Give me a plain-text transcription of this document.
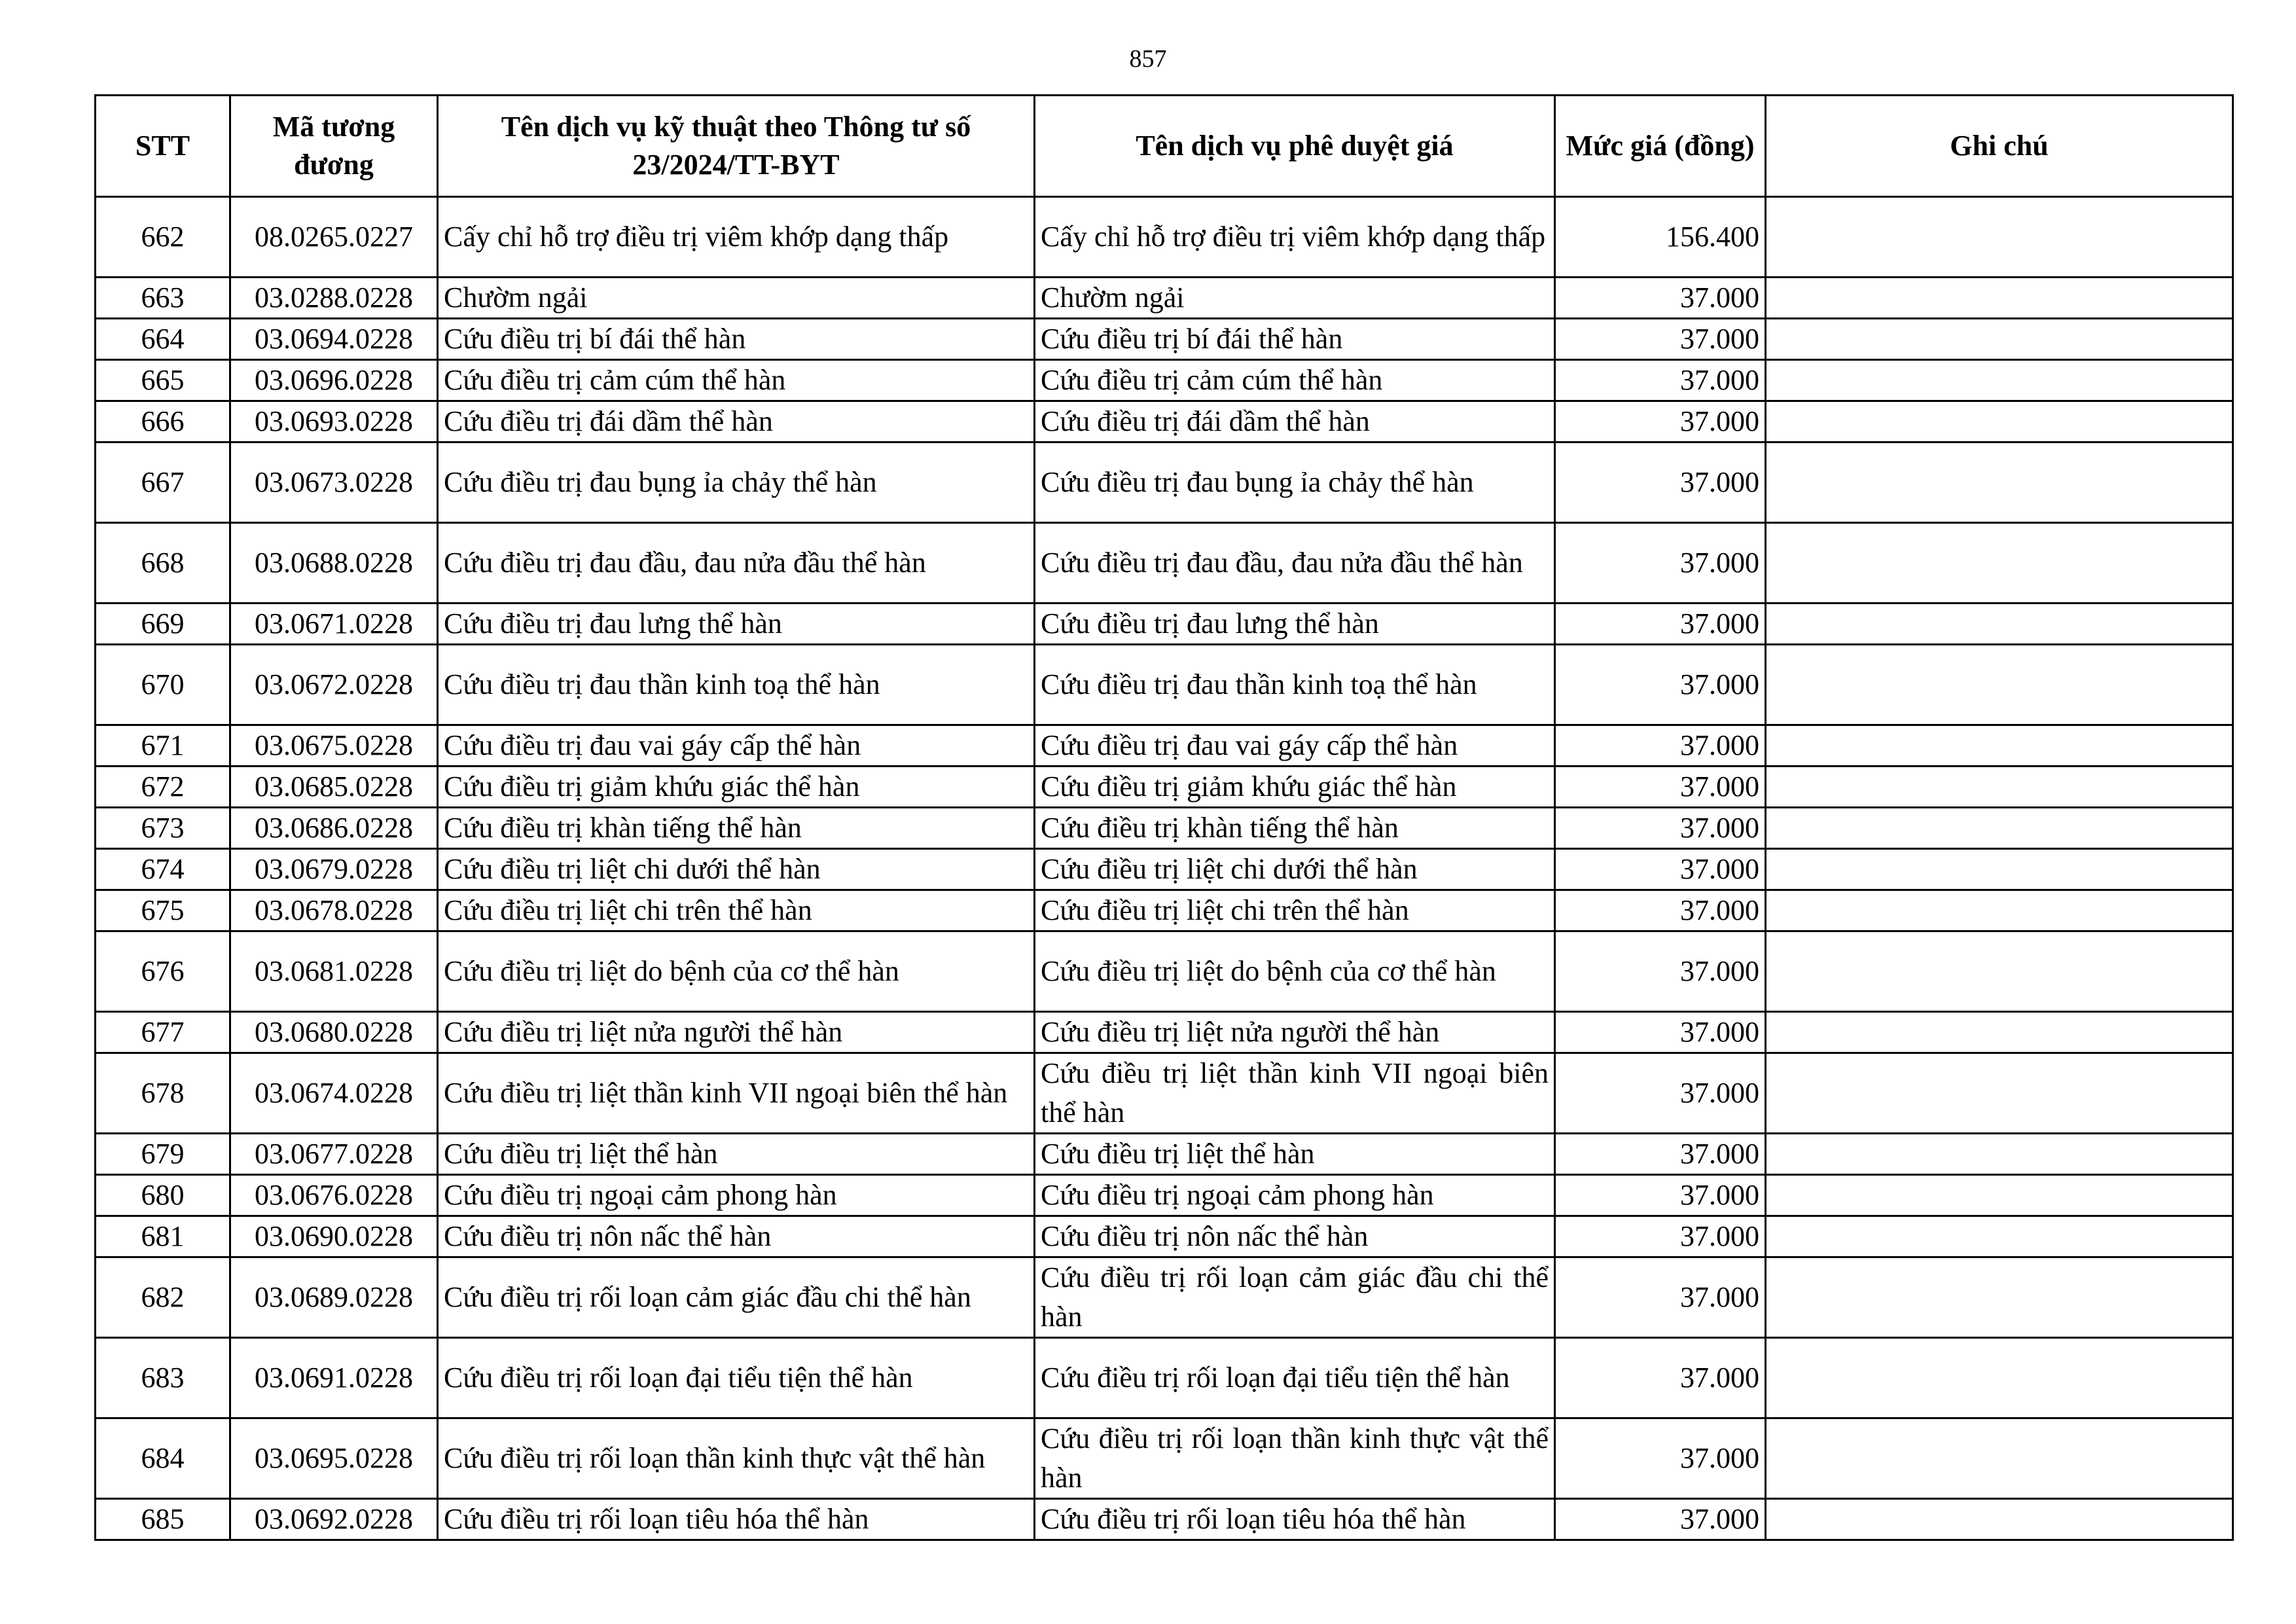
857
STT	Mã tương đương	Tên dịch vụ kỹ thuật theo Thông tư số 23/2024/TT-BYT	Tên dịch vụ phê duyệt giá	Mức giá (đồng)	Ghi chú
662	08.0265.0227	Cấy chỉ hỗ trợ điều trị viêm khớp dạng thấp	Cấy chỉ hỗ trợ điều trị viêm khớp dạng thấp	156.400	
663	03.0288.0228	Chườm ngải	Chườm ngải	37.000	
664	03.0694.0228	Cứu điều trị bí đái thể hàn	Cứu điều trị bí đái thể hàn	37.000	
665	03.0696.0228	Cứu điều trị cảm cúm thể hàn	Cứu điều trị cảm cúm thể hàn	37.000	
666	03.0693.0228	Cứu điều trị đái dầm thể hàn	Cứu điều trị đái dầm thể hàn	37.000	
667	03.0673.0228	Cứu điều trị đau bụng ỉa chảy thể hàn	Cứu điều trị đau bụng ỉa chảy thể hàn	37.000	
668	03.0688.0228	Cứu điều trị đau đầu, đau nửa đầu thể hàn	Cứu điều trị đau đầu, đau nửa đầu thể hàn	37.000	
669	03.0671.0228	Cứu điều trị đau lưng thể hàn	Cứu điều trị đau lưng thể hàn	37.000	
670	03.0672.0228	Cứu điều trị đau thần kinh toạ thể hàn	Cứu điều trị đau thần kinh toạ thể hàn	37.000	
671	03.0675.0228	Cứu điều trị đau vai gáy cấp thể hàn	Cứu điều trị đau vai gáy cấp thể hàn	37.000	
672	03.0685.0228	Cứu điều trị giảm khứu giác thể hàn	Cứu điều trị giảm khứu giác thể hàn	37.000	
673	03.0686.0228	Cứu điều trị khàn tiếng thể hàn	Cứu điều trị khàn tiếng thể hàn	37.000	
674	03.0679.0228	Cứu điều trị liệt chi dưới thể hàn	Cứu điều trị liệt chi dưới thể hàn	37.000	
675	03.0678.0228	Cứu điều trị liệt chi trên thể hàn	Cứu điều trị liệt chi trên thể hàn	37.000	
676	03.0681.0228	Cứu điều trị liệt do bệnh của cơ thể hàn	Cứu điều trị liệt do bệnh của cơ thể hàn	37.000	
677	03.0680.0228	Cứu điều trị liệt nửa người thể hàn	Cứu điều trị liệt nửa người thể hàn	37.000	
678	03.0674.0228	Cứu điều trị liệt thần kinh VII ngoại biên thể hàn	Cứu điều trị liệt thần kinh VII ngoại biên thể hàn	37.000	
679	03.0677.0228	Cứu điều trị liệt thể hàn	Cứu điều trị liệt thể hàn	37.000	
680	03.0676.0228	Cứu điều trị ngoại cảm phong hàn	Cứu điều trị ngoại cảm phong hàn	37.000	
681	03.0690.0228	Cứu điều trị nôn nấc thể hàn	Cứu điều trị nôn nấc thể hàn	37.000	
682	03.0689.0228	Cứu điều trị rối loạn cảm giác đầu chi thể hàn	Cứu điều trị rối loạn cảm giác đầu chi thể hàn	37.000	
683	03.0691.0228	Cứu điều trị rối loạn đại tiểu tiện thể hàn	Cứu điều trị rối loạn đại tiểu tiện thể hàn	37.000	
684	03.0695.0228	Cứu điều trị rối loạn thần kinh thực vật thể hàn	Cứu điều trị rối loạn thần kinh thực vật thể hàn	37.000	
685	03.0692.0228	Cứu điều trị rối loạn tiêu hóa thể hàn	Cứu điều trị rối loạn tiêu hóa thể hàn	37.000	
